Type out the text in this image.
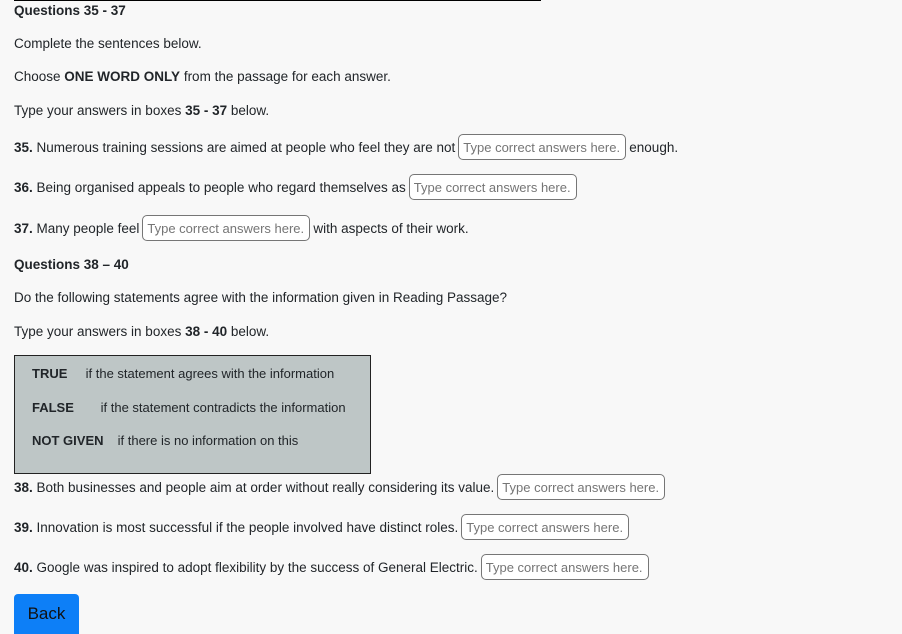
Questions 35 - 37
Complete the sentences below.
Choose ONE WORD ONLY from the passage for each answer.
Type your answers in boxes 35 - 37 below.
35. Numerous training sessions are aimed at people who feel they are not
Type correct answers here.	enough.
36. Being organised appeals to people who regard themselves as
Type correct answers here.
37. Many people feel
Type correct answers here.	with aspects of their work.
Questions 38 – 40
Do the following statements agree with the information given in Reading Passage?
Type your answers in boxes 38 - 40 below.
TRUE if the statement agrees with the information
FALSE if the statement contradicts the information
NOT GIVEN if there is no information on this
38. Both businesses and people aim at order without really considering its value.
Type correct answers here.
39. Innovation is most successful if the people involved have distinct roles.
Type correct answers here.
40. Google was inspired to adopt flexibility by the success of General Electric.
Type correct answers here.
Back
